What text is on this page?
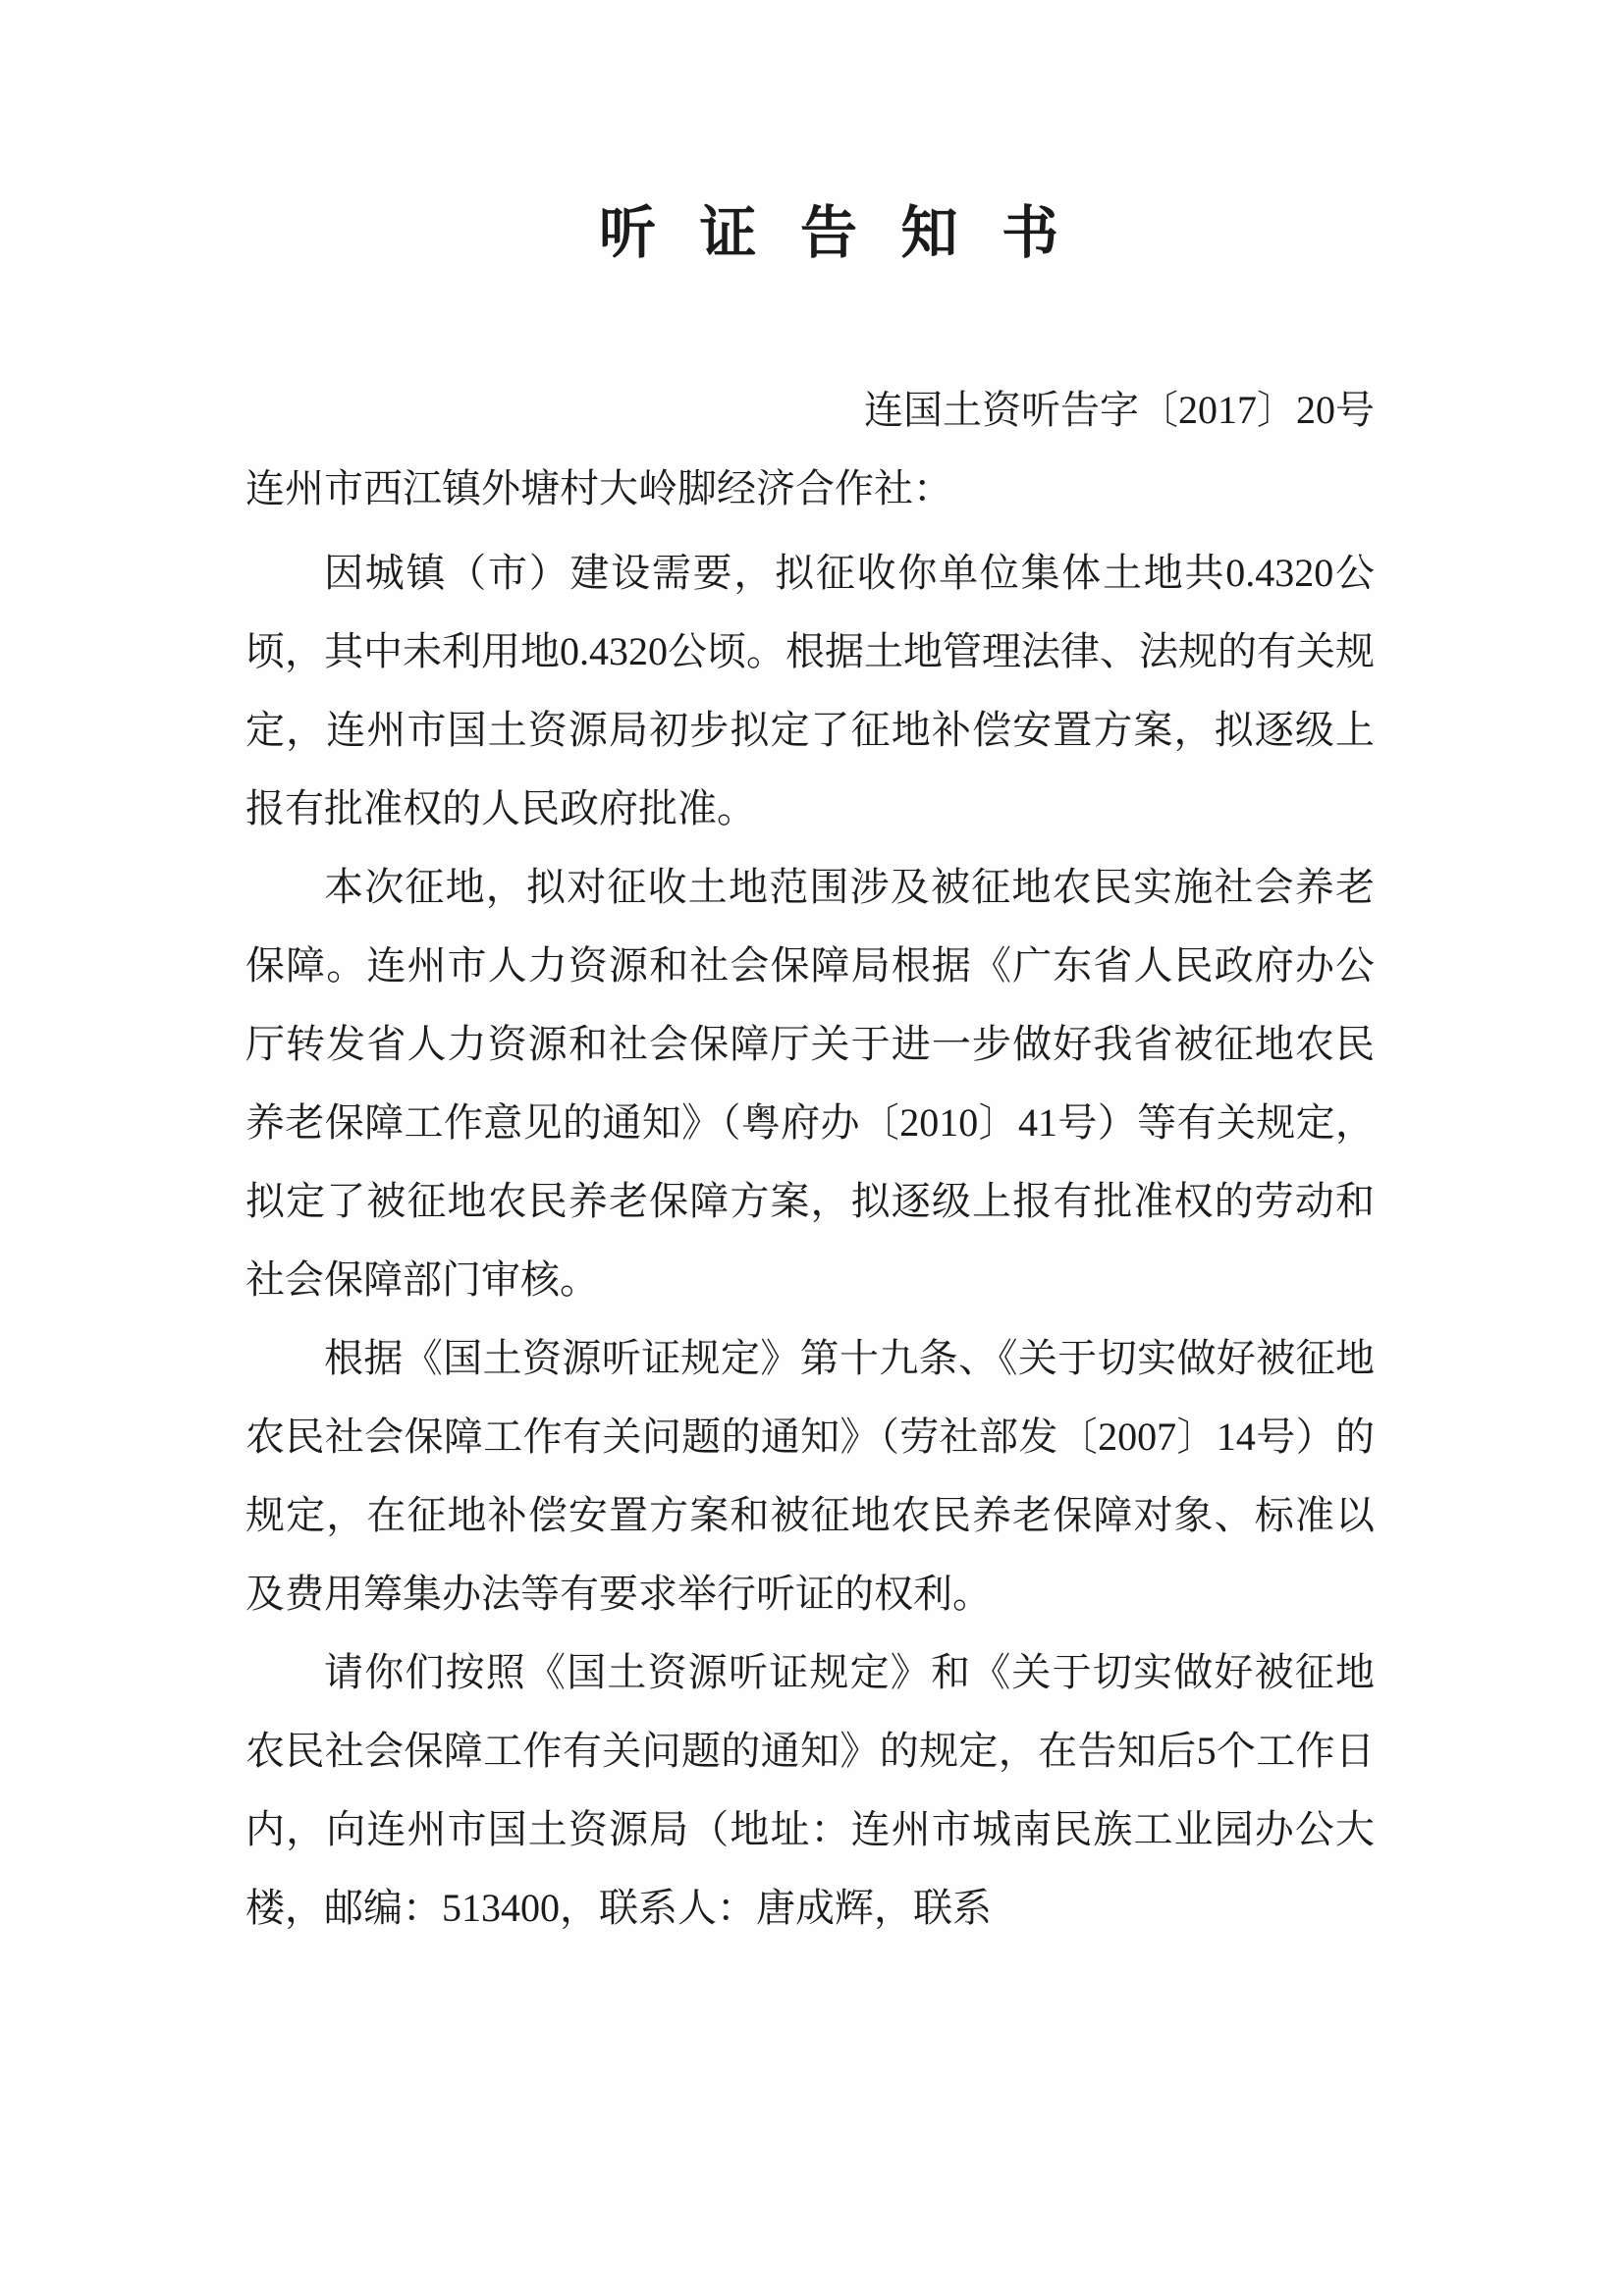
听 证 告 知 书
连国土资听告字〔2017〕20号
连州市西江镇外塘村大岭脚经济合作社：

因城镇（市）建设需要，拟征收你单位集体土地共0.4320公顷，其中未利用地0.4320公顷。根据土地管理法律、法规的有关规定，连州市国土资源局初步拟定了征地补偿安置方案，拟逐级上报有批准权的人民政府批准。

本次征地，拟对征收土地范围涉及被征地农民实施社会养老保障。连州市人力资源和社会保障局根据《广东省人民政府办公厅转发省人力资源和社会保障厅关于进一步做好我省被征地农民养老保障工作意见的通知》（粤府办〔2010〕41号）等有关规定，拟定了被征地农民养老保障方案，拟逐级上报有批准权的劳动和社会保障部门审核。

根据《国土资源听证规定》第十九条、《关于切实做好被征地农民社会保障工作有关问题的通知》（劳社部发〔2007〕14号）的规定，在征地补偿安置方案和被征地农民养老保障对象、标准以及费用筹集办法等有要求举行听证的权利。

请你们按照《国土资源听证规定》和《关于切实做好被征地农民社会保障工作有关问题的通知》的规定，在告知后5个工作日内，向连州市国土资源局（地址：连州市城南民族工业园办公大楼，邮编：513400，联系人：唐成辉，联系
